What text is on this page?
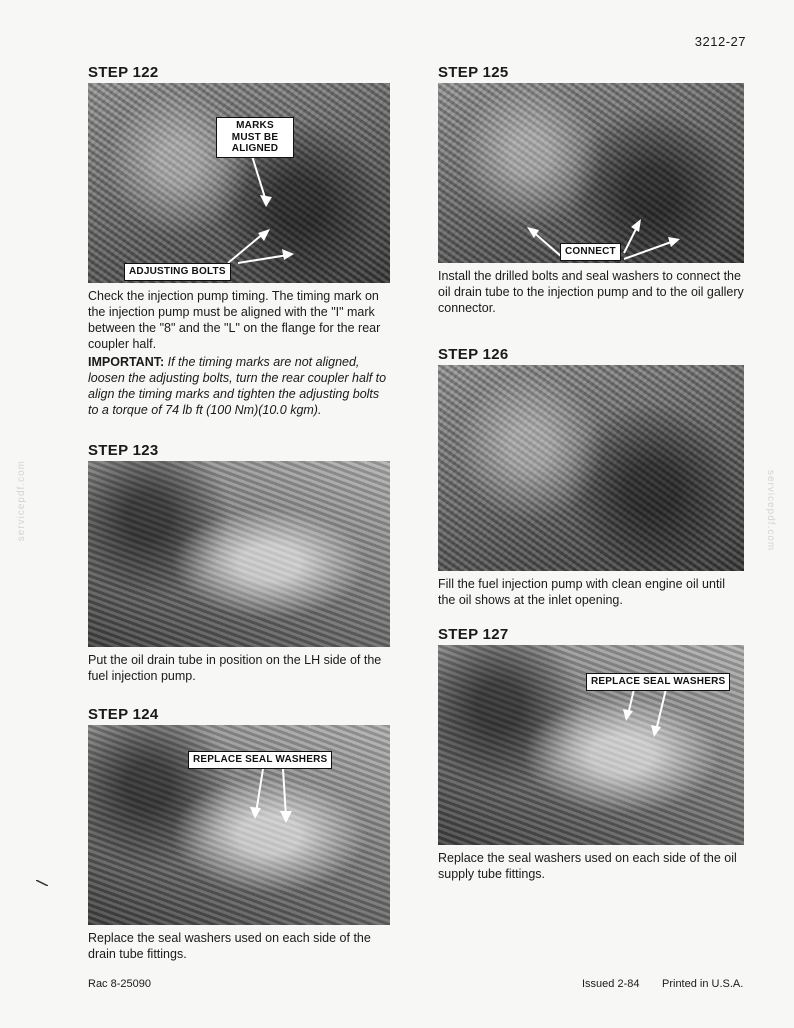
3212-27
servicepdf.com	servicepdf.com
STEP 122
MARKS MUST BE ALIGNED
ADJUSTING BOLTS

Check the injection pump timing. The timing mark on the injection pump must be aligned with the "I" mark between the "8" and the "L" on the flange for the rear coupler half.

IMPORTANT: If the timing marks are not aligned, loosen the adjusting bolts, turn the rear coupler half to align the timing marks and tighten the adjusting bolts to a torque of 74 lb ft (100 Nm)(10.0 kgm).

STEP 123

Put the oil drain tube in position on the LH side of the fuel injection pump.

STEP 124
REPLACE SEAL WASHERS

Replace the seal washers used on each side of the drain tube fittings.

STEP 125
CONNECT

Install the drilled bolts and seal washers to connect the oil drain tube to the injection pump and to the oil gallery connector.

STEP 126

Fill the fuel injection pump with clean engine oil until the oil shows at the inlet opening.

STEP 127
REPLACE SEAL WASHERS

Replace the seal washers used on each side of the oil supply tube fittings.

Rac 8-25090	Issued 2-84 Printed in U.S.A.
